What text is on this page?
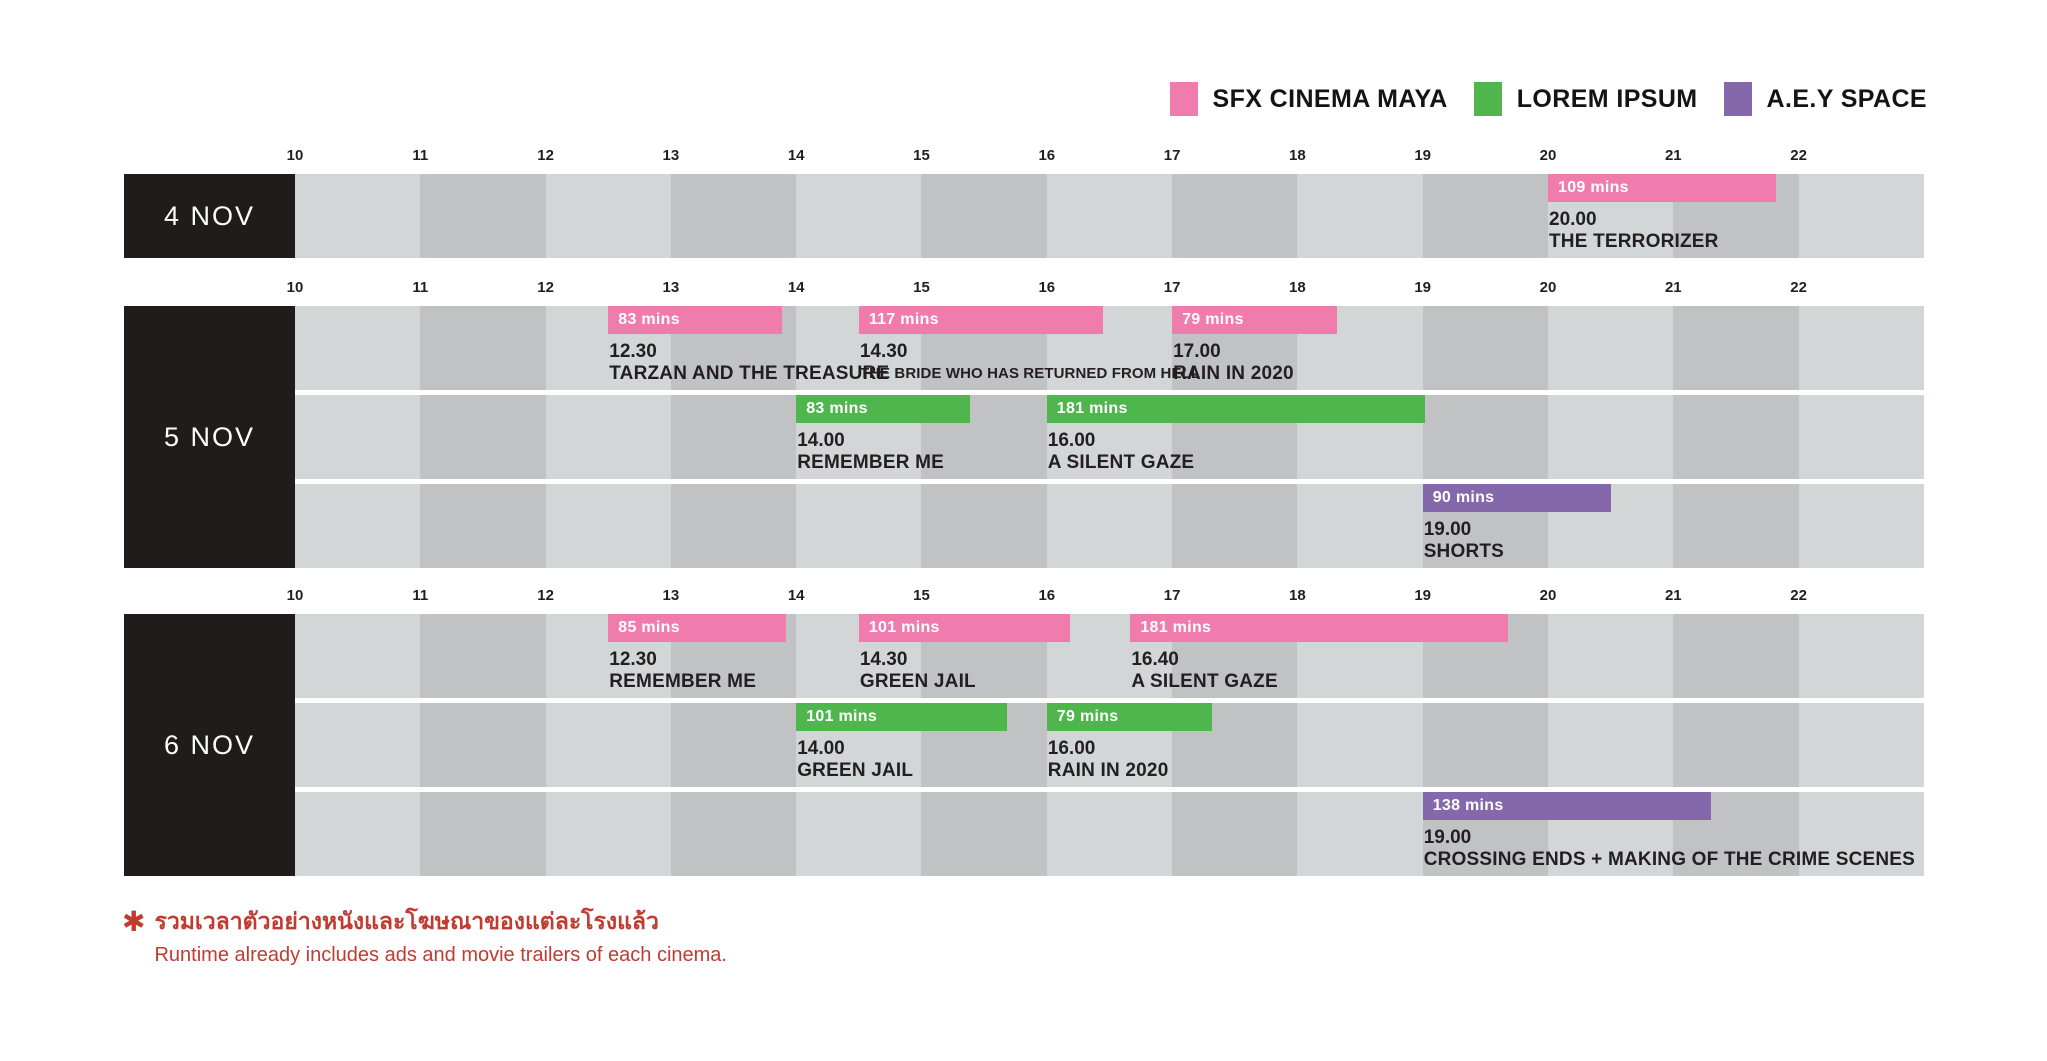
SFX CINEMA MAYA	LOREM IPSUM	A.E.Y SPACE
10	11	12	13	14	15	16	17	18	19	20	21	22
4 NOV
109 mins
20.00
THE TERRORIZER
10	11	12	13	14	15	16	17	18	19	20	21	22
5 NOV
83 mins
12.30
TARZAN AND THE TREASURE
117 mins
14.30
THE BRIDE WHO HAS RETURNED FROM HELL
79 mins
17.00
RAIN IN 2020
83 mins
14.00
REMEMBER ME
181 mins
16.00
A SILENT GAZE
90 mins
19.00
SHORTS
10	11	12	13	14	15	16	17	18	19	20	21	22
6 NOV
85 mins
12.30
REMEMBER ME
101 mins
14.30
GREEN JAIL
181 mins
16.40
A SILENT GAZE
101 mins
14.00
GREEN JAIL
79 mins
16.00
RAIN IN 2020
138 mins
19.00
CROSSING ENDS + MAKING OF THE CRIME SCENES
✱ รวมเวลาตัวอย่างหนังและโฆษณาของแต่ละโรงแล้ว
Runtime already includes ads and movie trailers of each cinema.
